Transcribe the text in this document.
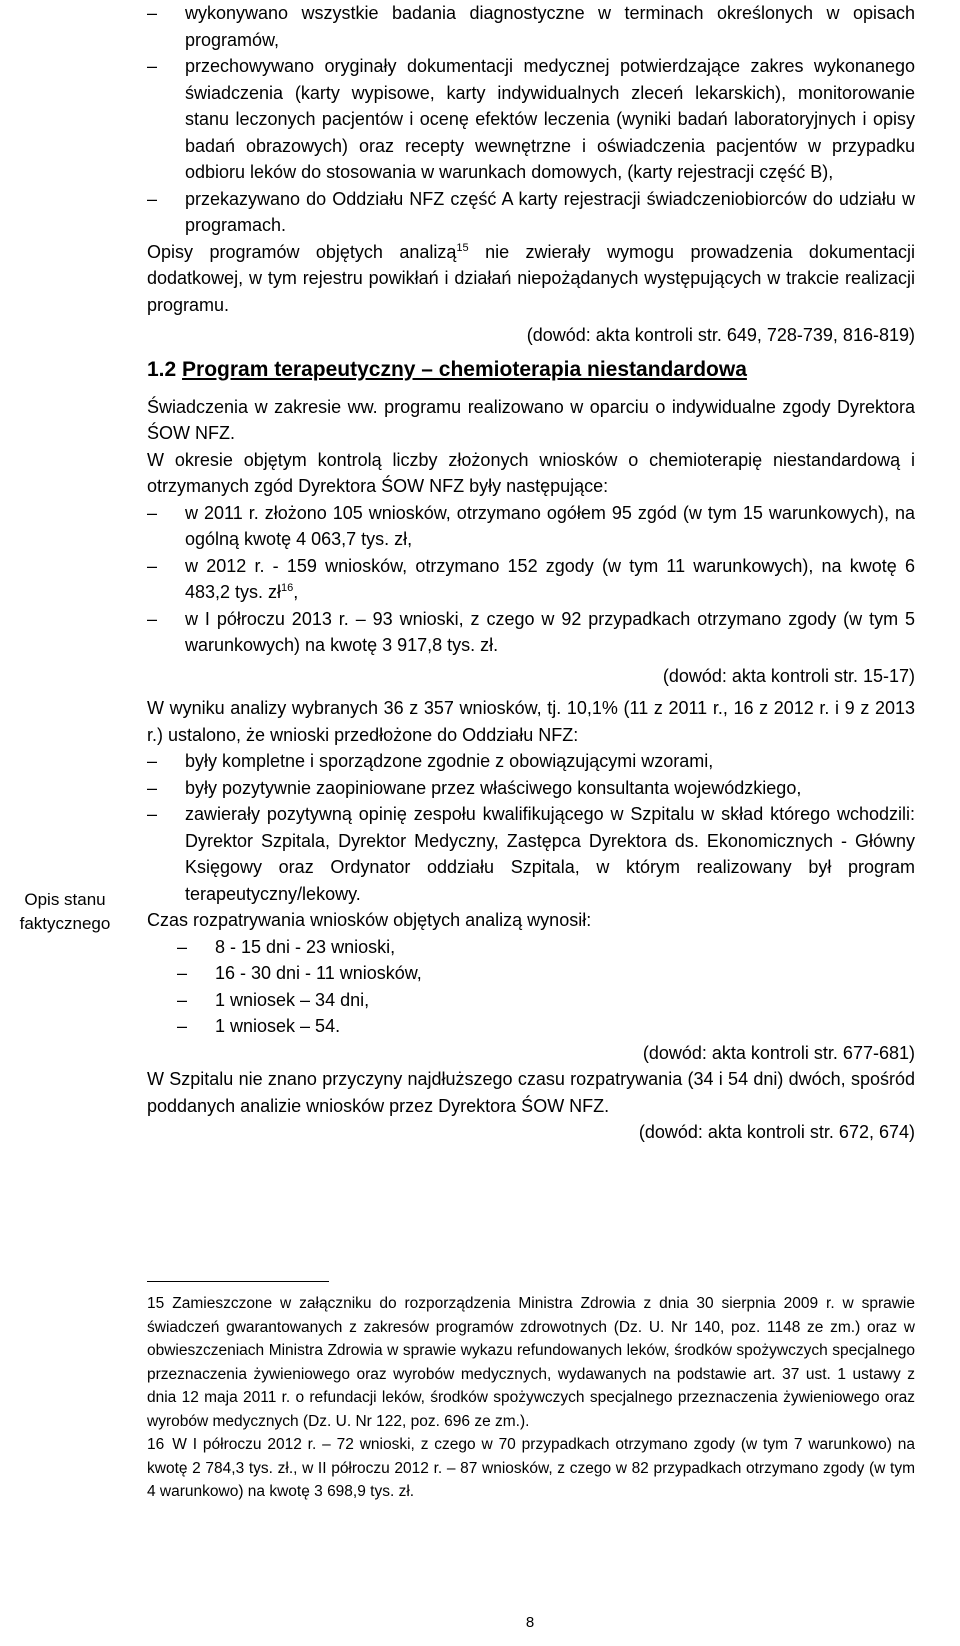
Opis stanu
faktycznego
– wykonywano wszystkie badania diagnostyczne w terminach określonych w opisach programów,
– przechowywano oryginały dokumentacji medycznej potwierdzające zakres wykonanego świadczenia (karty wypisowe, karty indywidualnych zleceń lekarskich), monitorowanie stanu leczonych pacjentów i ocenę efektów leczenia (wyniki badań laboratoryjnych i opisy badań obrazowych) oraz recepty wewnętrzne i oświadczenia pacjentów w przypadku odbioru leków do stosowania w warunkach domowych, (karty rejestracji część B),
– przekazywano do Oddziału NFZ część A karty rejestracji świadczeniobiorców do udziału w programach.
Opisy programów objętych analizą$^{15}$ nie zwierały wymogu prowadzenia dokumentacji dodatkowej, w tym rejestru powikłań i działań niepożądanych występujących w trakcie realizacji programu.
(dowód: akta kontroli str. 649, 728-739, 816-819)
1.2 Program terapeutyczny – chemioterapia niestandardowa
Świadczenia w zakresie ww. programu realizowano w oparciu o indywidualne zgody Dyrektora ŚOW NFZ.
W okresie objętym kontrolą liczby złożonych wniosków o chemioterapię niestandardową i otrzymanych zgód Dyrektora ŚOW NFZ były następujące:
– w 2011 r. złożono 105 wniosków, otrzymano ogółem 95 zgód (w tym 15 warunkowych), na ogólną kwotę 4 063,7 tys. zł,
– w 2012 r. - 159 wniosków, otrzymano 152 zgody (w tym 11 warunkowych), na kwotę 6 483,2 tys. $zł^{16}$,
– w I półroczu 2013 r. – 93 wnioski, z czego w 92 przypadkach otrzymano zgody (w tym 5 warunkowych) na kwotę 3 917,8 tys. zł.
(dowód: akta kontroli str. 15-17)
W wyniku analizy wybranych 36 z 357 wniosków, tj. 10,1% (11 z 2011 r., 16 z 2012 r. i 9 z 2013 r.) ustalono, że wnioski przedłożone do Oddziału NFZ:
– były kompletne i sporządzone zgodnie z obowiązującymi wzorami,
– były pozytywnie zaopiniowane przez właściwego konsultanta wojewódzkiego,
– zawierały pozytywną opinię zespołu kwalifikującego w Szpitalu w skład którego wchodzili: Dyrektor Szpitala, Dyrektor Medyczny, Zastępca Dyrektora ds. Ekonomicznych - Główny Księgowy oraz Ordynator oddziału Szpitala, w którym realizowany był program terapeutyczny/lekowy.
Czas rozpatrywania wniosków objętych analizą wynosił:
– 8 - 15 dni - 23 wnioski,
– 16 - 30 dni - 11 wniosków,
– 1 wniosek – 34 dni,
– 1 wniosek – 54.
(dowód: akta kontroli str. 677-681)
W Szpitalu nie znano przyczyny najdłuższego czasu rozpatrywania (34 i 54 dni) dwóch, spośród poddanych analizie wniosków przez Dyrektora ŚOW NFZ.
(dowód: akta kontroli str. 672, 674)
15 Zamieszczone w załączniku do rozporządzenia Ministra Zdrowia z dnia 30 sierpnia 2009 r. w sprawie świadczeń gwarantowanych z zakresów programów zdrowotnych (Dz. U. Nr 140, poz. 1148 ze zm.) oraz w obwieszczeniach Ministra Zdrowia w sprawie wykazu refundowanych leków, środków spożywczych specjalnego przeznaczenia żywieniowego oraz wyrobów medycznych, wydawanych na podstawie art. 37 ust. 1 ustawy z dnia 12 maja 2011 r. o refundacji leków, środków spożywczych specjalnego przeznaczenia żywieniowego oraz wyrobów medycznych (Dz. U. Nr 122, poz. 696 ze zm.).
16 W I półroczu 2012 r. – 72 wnioski, z czego w 70 przypadkach otrzymano zgody (w tym 7 warunkowo) na kwotę 2 784,3 tys. zł., w II półroczu 2012 r. – 87 wniosków, z czego w 82 przypadkach otrzymano zgody (w tym 4 warunkowo) na kwotę 3 698,9 tys. zł.
8
